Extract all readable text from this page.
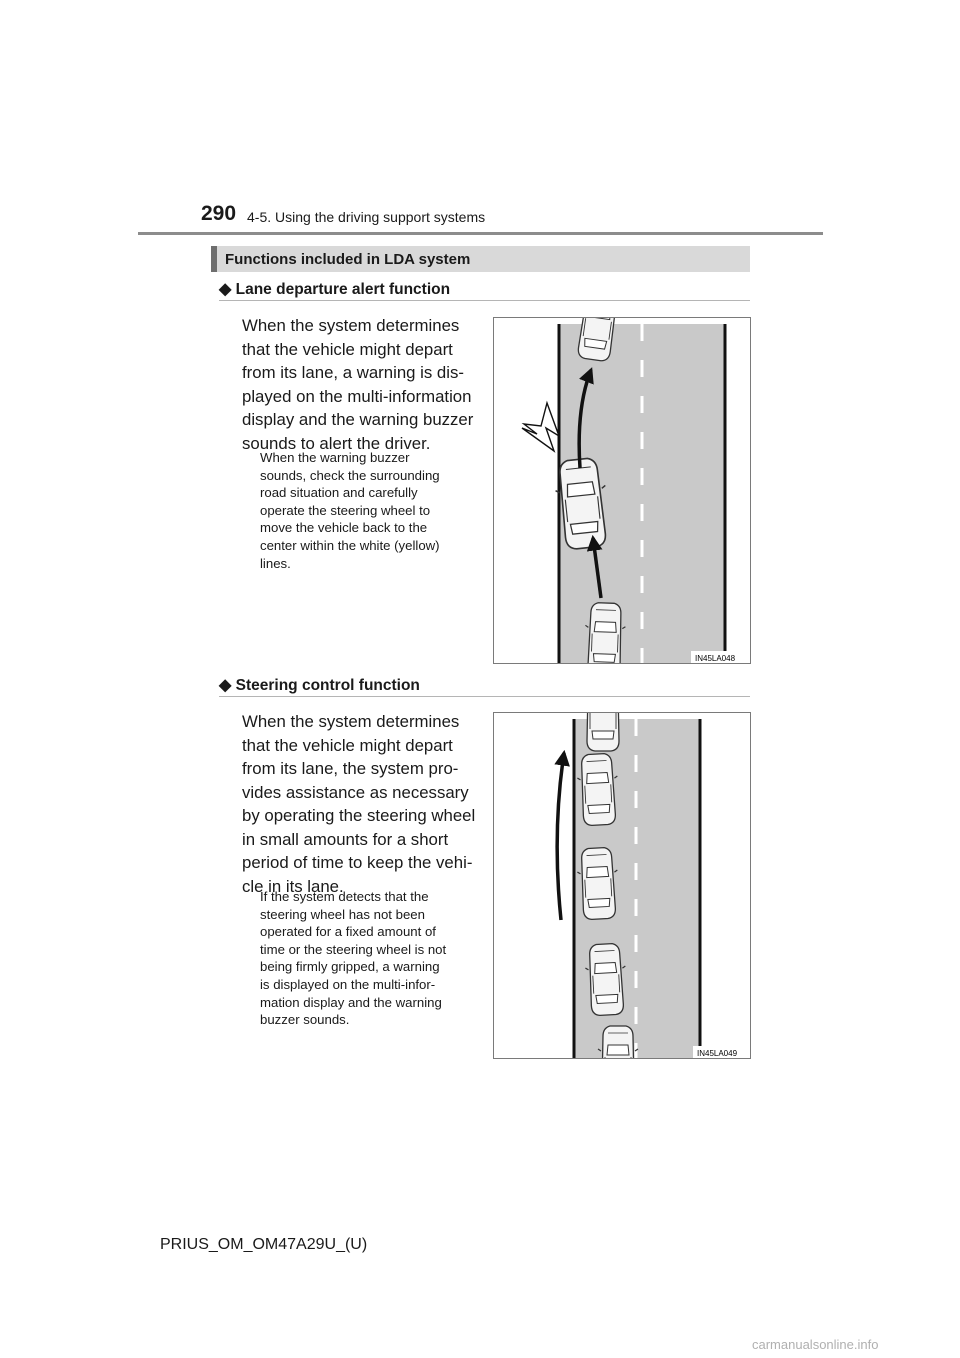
290 4-5. Using the driving support systems
Functions included in LDA system
◆ Lane departure alert function
When the system determines
that the vehicle might depart
from its lane, a warning is dis-
played on the multi-information
display and the warning buzzer
sounds to alert the driver.
When the warning buzzer
sounds, check the surrounding
road situation and carefully
operate the steering wheel to
move the vehicle back to the
center within the white (yellow)
lines.
IN45LA048
◆ Steering control function
When the system determines
that the vehicle might depart
from its lane, the system pro-
vides assistance as necessary
by operating the steering wheel
in small amounts for a short
period of time to keep the vehi-
cle in its lane.
If the system detects that the
steering wheel has not been
operated for a fixed amount of
time or the steering wheel is not
being firmly gripped, a warning
is displayed on the multi-infor-
mation display and the warning
buzzer sounds.
IN45LA049
PRIUS_OM_OM47A29U_(U)
carmanualsonline.info
